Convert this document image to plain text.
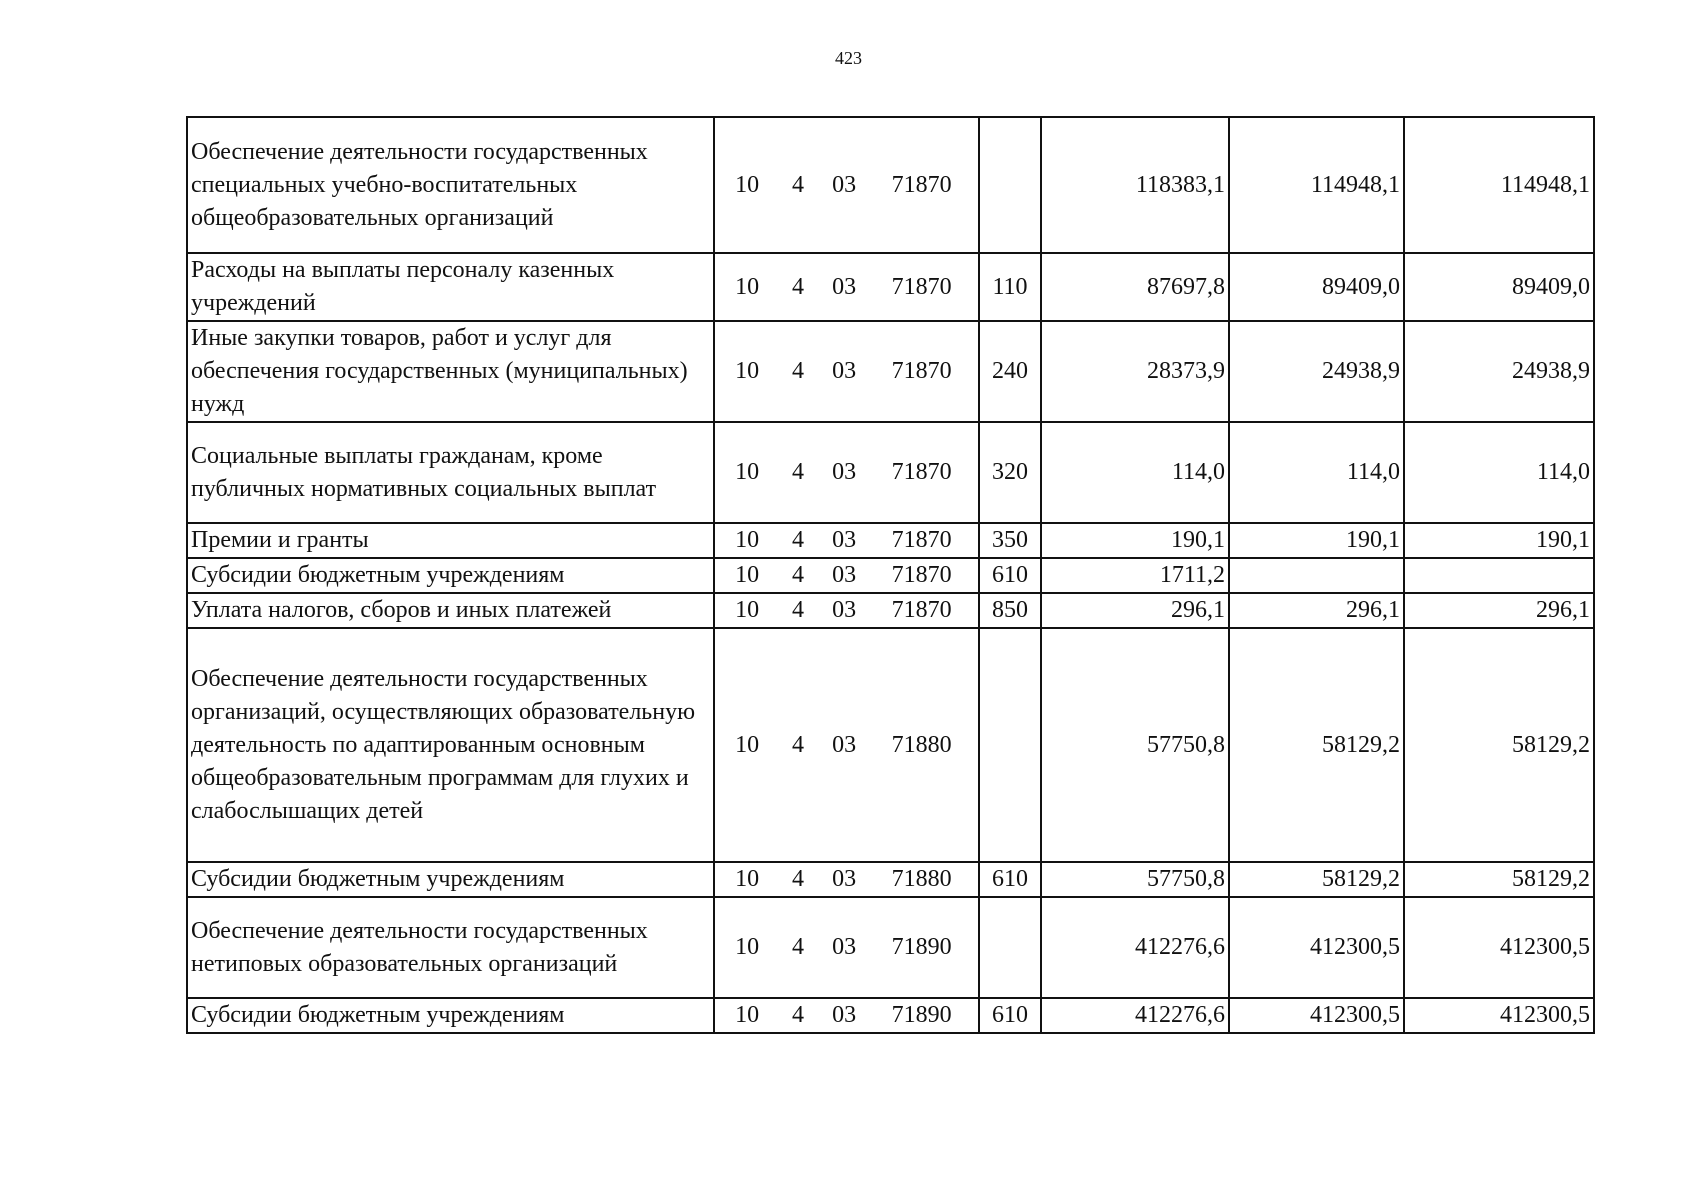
423
Обеспечение деятельности государственных специальных учебно-воспитательных общеобразовательных организаций	10 4 03 71870		118383,1	114948,1	114948,1
Расходы на выплаты персоналу казенных учреждений	10 4 03 71870	110	87697,8	89409,0	89409,0
Иные закупки товаров, работ и услуг для обеспечения государственных (муниципальных) нужд	10 4 03 71870	240	28373,9	24938,9	24938,9
Социальные выплаты гражданам, кроме публичных нормативных социальных выплат	10 4 03 71870	320	114,0	114,0	114,0
Премии и гранты	10 4 03 71870	350	190,1	190,1	190,1
Субсидии бюджетным учреждениям	10 4 03 71870	610	1711,2		
Уплата налогов, сборов и иных платежей	10 4 03 71870	850	296,1	296,1	296,1
Обеспечение деятельности государственных организаций, осуществляющих образовательную деятельность по адаптированным основным общеобразовательным программам для глухих и слабослышащих детей	10 4 03 71880		57750,8	58129,2	58129,2
Субсидии бюджетным учреждениям	10 4 03 71880	610	57750,8	58129,2	58129,2
Обеспечение деятельности государственных нетиповых образовательных организаций	10 4 03 71890		412276,6	412300,5	412300,5
Субсидии бюджетным учреждениям	10 4 03 71890	610	412276,6	412300,5	412300,5
